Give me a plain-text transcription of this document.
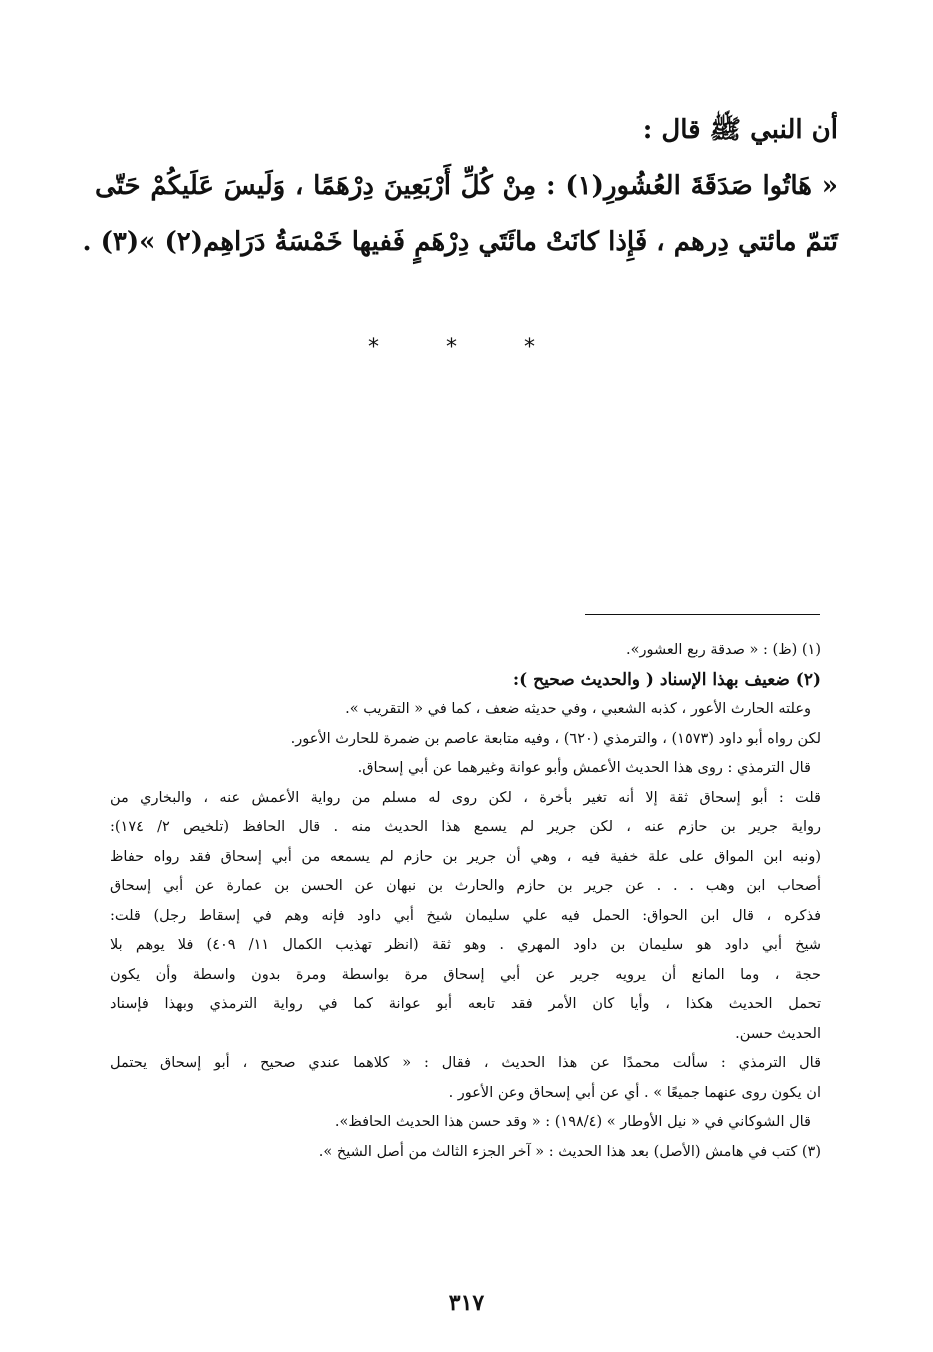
أن النبي ﷺ قال :
« هَاتُوا صَدَقَةَ العُشُورِ(١) : مِنْ كُلِّ أَرْبَعِينَ دِرْهَمًا ، وَلَيسَ عَلَيكُمْ حَتّى
تَتمّ مائتي دِرهم ، فَإِذا كانَتْ مائَتَي دِرْهَمٍ فَفيها خَمْسَةُ دَرَاهِم(٢) »(٣) .
* * *
(١) (ظ) : « صدقة ربع العشور».
(٢) ضعيف بهذا الإسناد ( والحديث صحيح ):
وعلته الحارث الأعور ، كذبه الشعبي ، وفي حديثه ضعف ، كما في « التقريب ».
لكن رواه أبو داود (١٥٧٣) ، والترمذي (٦٢٠) ، وفيه متابعة عاصم بن ضمرة للحارث الأعور.
قال الترمذي : روى هذا الحديث الأعمش وأبو عوانة وغيرهما عن أبي إسحاق.
قلت : أبو إسحاق ثقة إلا أنه تغير بأخرة ، لكن روى له مسلم من رواية الأعمش عنه ، والبخاري من
رواية جرير بن حازم عنه ، لكن جرير لم يسمع هذا الحديث منه . قال الحافظ (تلخيص ٢/ ١٧٤):
(ونبه ابن المواق على علة خفية فيه ، وهي أن جرير بن حازم لم يسمعه من أبي إسحاق فقد رواه حفاظ
أصحاب ابن وهب . . . عن جرير بن حازم والحارث بن نبهان عن الحسن بن عمارة عن أبي إسحاق
فذكره ، قال ابن الحواق: الحمل فيه علي سليمان شيخ أبي داود فإنه وهم في إسقاط رجل) قلت:
شيخ أبي داود هو سليمان بن داود المهري . وهو ثقة (انظر تهذيب الكمال ١١/ ٤٠٩) فلا يوهم بلا
حجة ، وما المانع أن يرويه جرير عن أبي إسحاق مرة بواسطة ومرة بدون واسطة وأن يكون
تحمل الحديث هكذا ، وأيا كان الأمر فقد تابعه أبو عوانة كما في رواية الترمذي وبهذا فإسناد
الحديث حسن.
قال الترمذي : سألت محمدًا عن هذا الحديث ، فقال : « كلاهما عندي صحيح ، أبو إسحاق يحتمل
ان يكون روى عنهما جميعًا » . أي عن أبي إسحاق وعن الأعور .
قال الشوكاني في « نيل الأوطار » (١٩٨/٤) : « وقد حسن هذا الحديث الحافظ».
(٣) كتب في هامش (الأصل) بعد هذا الحديث : « آخر الجزء الثالث من أصل الشيخ ».
٣١٧
